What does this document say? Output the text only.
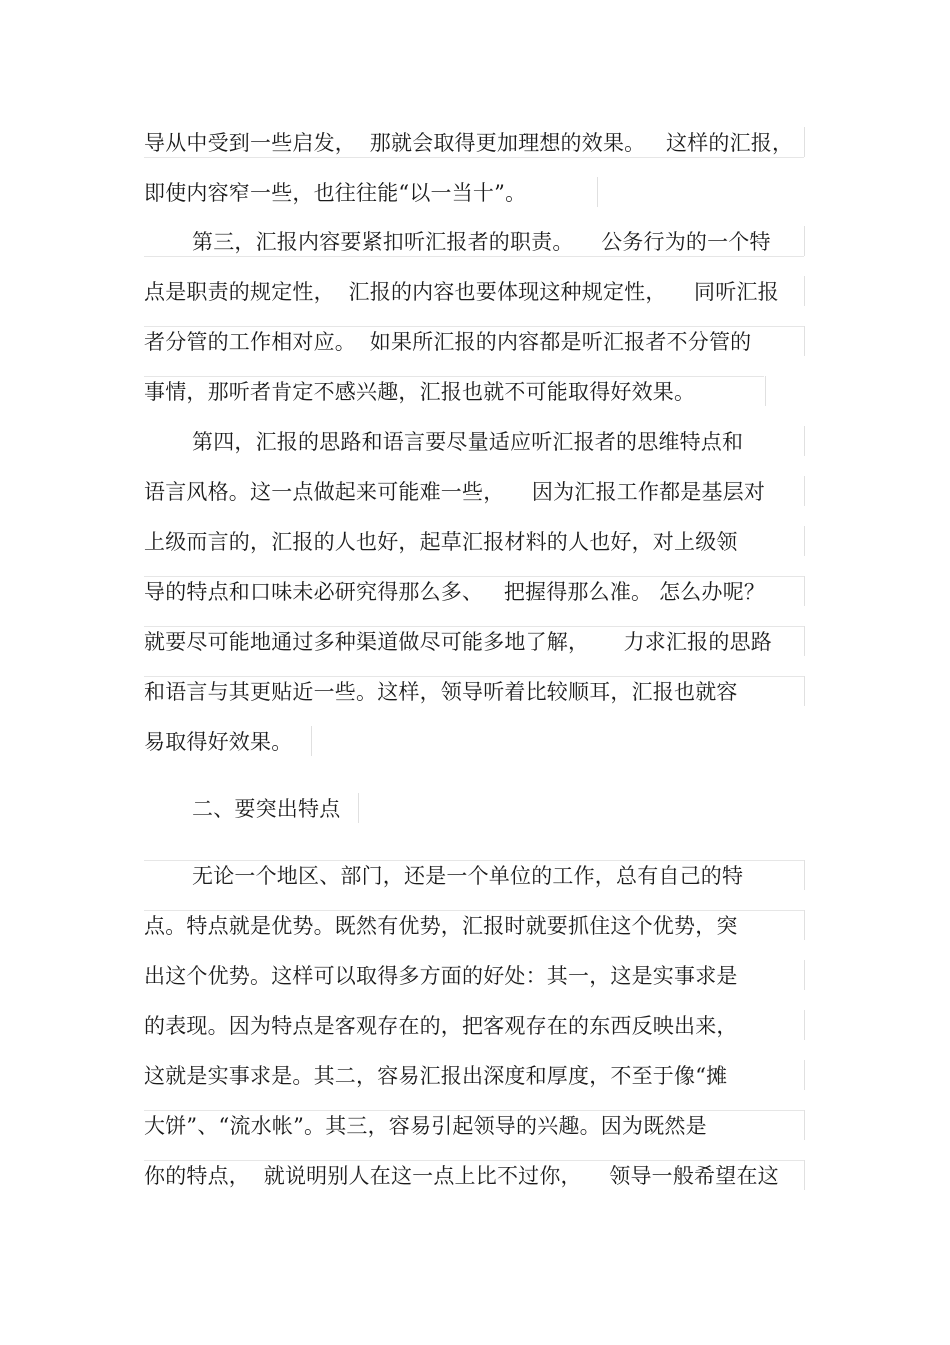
导从中受到一些启发，  那就会取得更加理想的效果。   这样的汇报，
即使内容窄一些，也往往能“以一当十”。
第三，汇报内容要紧扣听汇报者的职责。    公务行为的一个特
点是职责的规定性，  汇报的内容也要体现这种规定性，    同听汇报
者分管的工作相对应。  如果所汇报的内容都是听汇报者不分管的
事情，那听者肯定不感兴趣，汇报也就不可能取得好效果。
第四，汇报的思路和语言要尽量适应听汇报者的思维特点和
语言风格。这一点做起来可能难一些，    因为汇报工作都是基层对
上级而言的，汇报的人也好，起草汇报材料的人也好，对上级领
导的特点和口味未必研究得那么多、   把握得那么准。 怎么办呢？
就要尽可能地通过多种渠道做尽可能多地了解，     力求汇报的思路
和语言与其更贴近一些。这样，领导听着比较顺耳，汇报也就容
易取得好效果。
二、要突出特点
无论一个地区、部门，还是一个单位的工作，总有自己的特
点。特点就是优势。既然有优势，汇报时就要抓住这个优势，突
出这个优势。这样可以取得多方面的好处：其一，这是实事求是
的表现。因为特点是客观存在的，把客观存在的东西反映出来，
这就是实事求是。其二，容易汇报出深度和厚度，不至于像“摊
大饼”、“流水帐”。其三，容易引起领导的兴趣。因为既然是
你的特点，  就说明别人在这一点上比不过你，    领导一般希望在这
